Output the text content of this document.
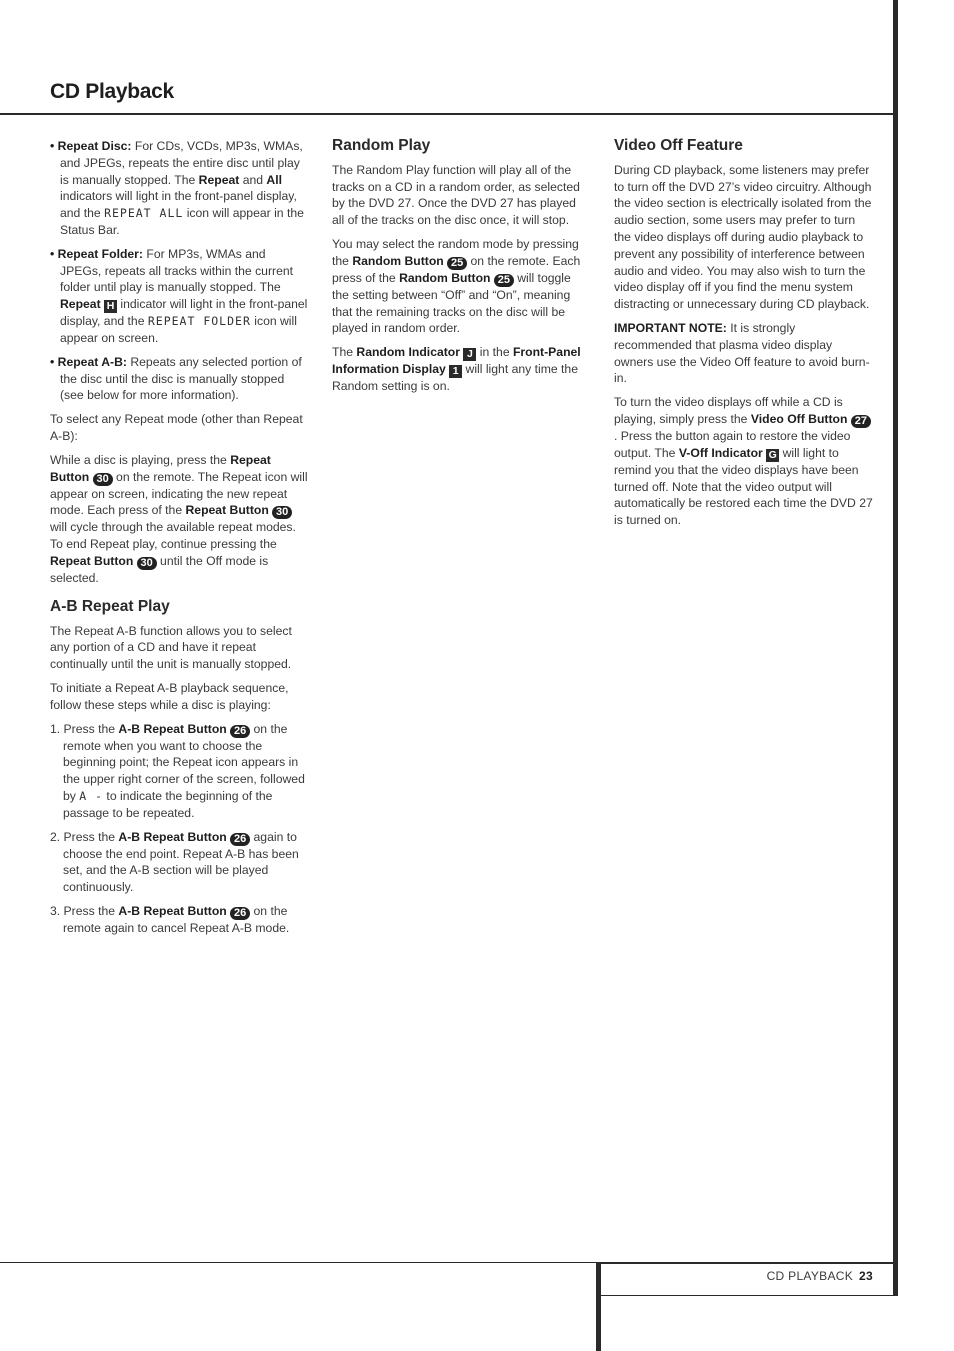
CD Playback

• Repeat Disc: For CDs, VCDs, MP3s, WMAs, and JPEGs, repeats the entire disc until play is manually stopped. The Repeat and All indicators will light in the front-panel display, and the REPEAT ALL icon will appear in the Status Bar.

• Repeat Folder: For MP3s, WMAs and JPEGs, repeats all tracks within the current folder until play is manually stopped. The Repeat H indicator will light in the front-panel display, and the REPEAT FOLDER icon will appear on screen.

• Repeat A-B: Repeats any selected portion of the disc until the disc is manually stopped (see below for more information).

To select any Repeat mode (other than Repeat A-B):

While a disc is playing, press the Repeat Button 30 on the remote. The Repeat icon will appear on screen, indicating the new repeat mode. Each press of the Repeat Button 30 will cycle through the available repeat modes. To end Repeat play, continue pressing the Repeat Button 30 until the Off mode is selected.

A-B Repeat Play

The Repeat A-B function allows you to select any portion of a CD and have it repeat continually until the unit is manually stopped.

To initiate a Repeat A-B playback sequence, follow these steps while a disc is playing:

1. Press the A-B Repeat Button 26 on the remote when you want to choose the beginning point; the Repeat icon appears in the upper right corner of the screen, followed by A - to indicate the beginning of the passage to be repeated.

2. Press the A-B Repeat Button 26 again to choose the end point. Repeat A-B has been set, and the A-B section will be played continuously.

3. Press the A-B Repeat Button 26 on the remote again to cancel Repeat A-B mode.

Random Play

The Random Play function will play all of the tracks on a CD in a random order, as selected by the DVD 27. Once the DVD 27 has played all of the tracks on the disc once, it will stop.

You may select the random mode by pressing the Random Button 25 on the remote. Each press of the Random Button 25 will toggle the setting between “Off” and “On”, meaning that the remaining tracks on the disc will be played in random order.

The Random Indicator J in the Front-Panel Information Display 1 will light any time the Random setting is on.

Video Off Feature

During CD playback, some listeners may prefer to turn off the DVD 27’s video circuitry. Although the video section is electrically isolated from the audio section, some users may prefer to turn the video displays off during audio playback to prevent any possibility of interference between audio and video. You may also wish to turn the video display off if you find the menu system distracting or unnecessary during CD playback.

IMPORTANT NOTE: It is strongly recommended that plasma video display owners use the Video Off feature to avoid burn-in.

To turn the video displays off while a CD is playing, simply press the Video Off Button 27. Press the button again to restore the video output. The V-Off Indicator G will light to remind you that the video displays have been turned off. Note that the video output will automatically be restored each time the DVD 27 is turned on.

CD PLAYBACK 23
